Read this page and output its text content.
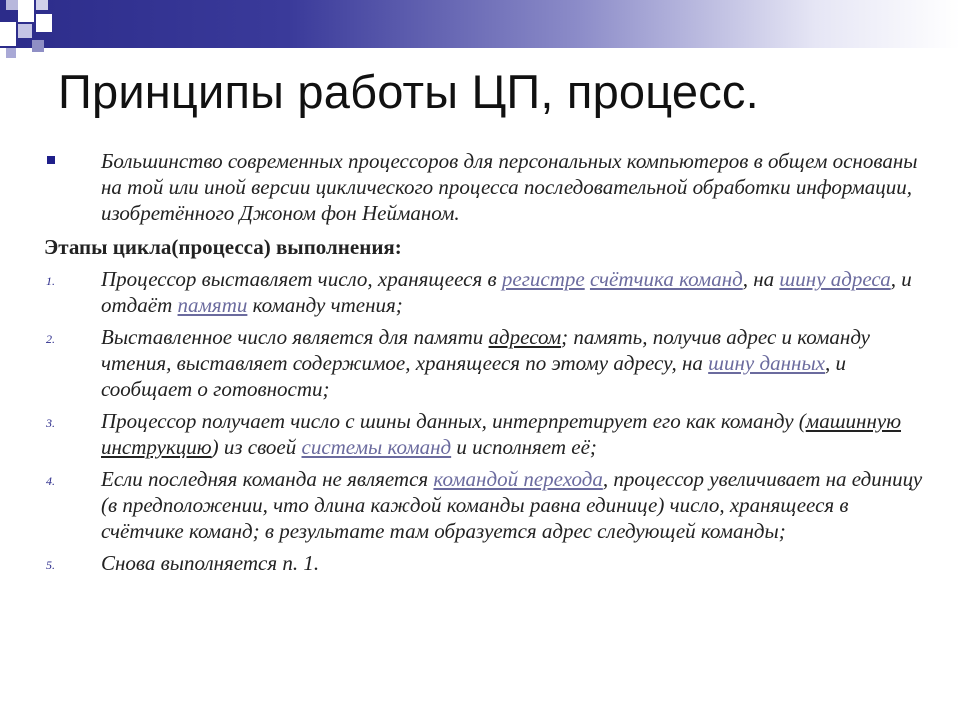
Принципы работы ЦП, процесс.
Большинство современных процессоров для персональных компьютеров в общем основаны на той или иной версии циклического процесса последовательной обработки информации, изобретённого Джоном фон Нейманом.
Этапы цикла(процесса) выполнения:
1. Процессор выставляет число, хранящееся в регистре счётчика команд, на шину адреса, и отдаёт памяти команду чтения;
2. Выставленное число является для памяти адресом; память, получив адрес и команду чтения, выставляет содержимое, хранящееся по этому адресу, на шину данных, и сообщает о готовности;
3. Процессор получает число с шины данных, интерпретирует его как команду (машинную инструкцию) из своей системы команд и исполняет её;
4. Если последняя команда не является командой перехода, процессор увеличивает на единицу (в предположении, что длина каждой команды равна единице) число, хранящееся в счётчике команд; в результате там образуется адрес следующей команды;
5. Снова выполняется п. 1.
